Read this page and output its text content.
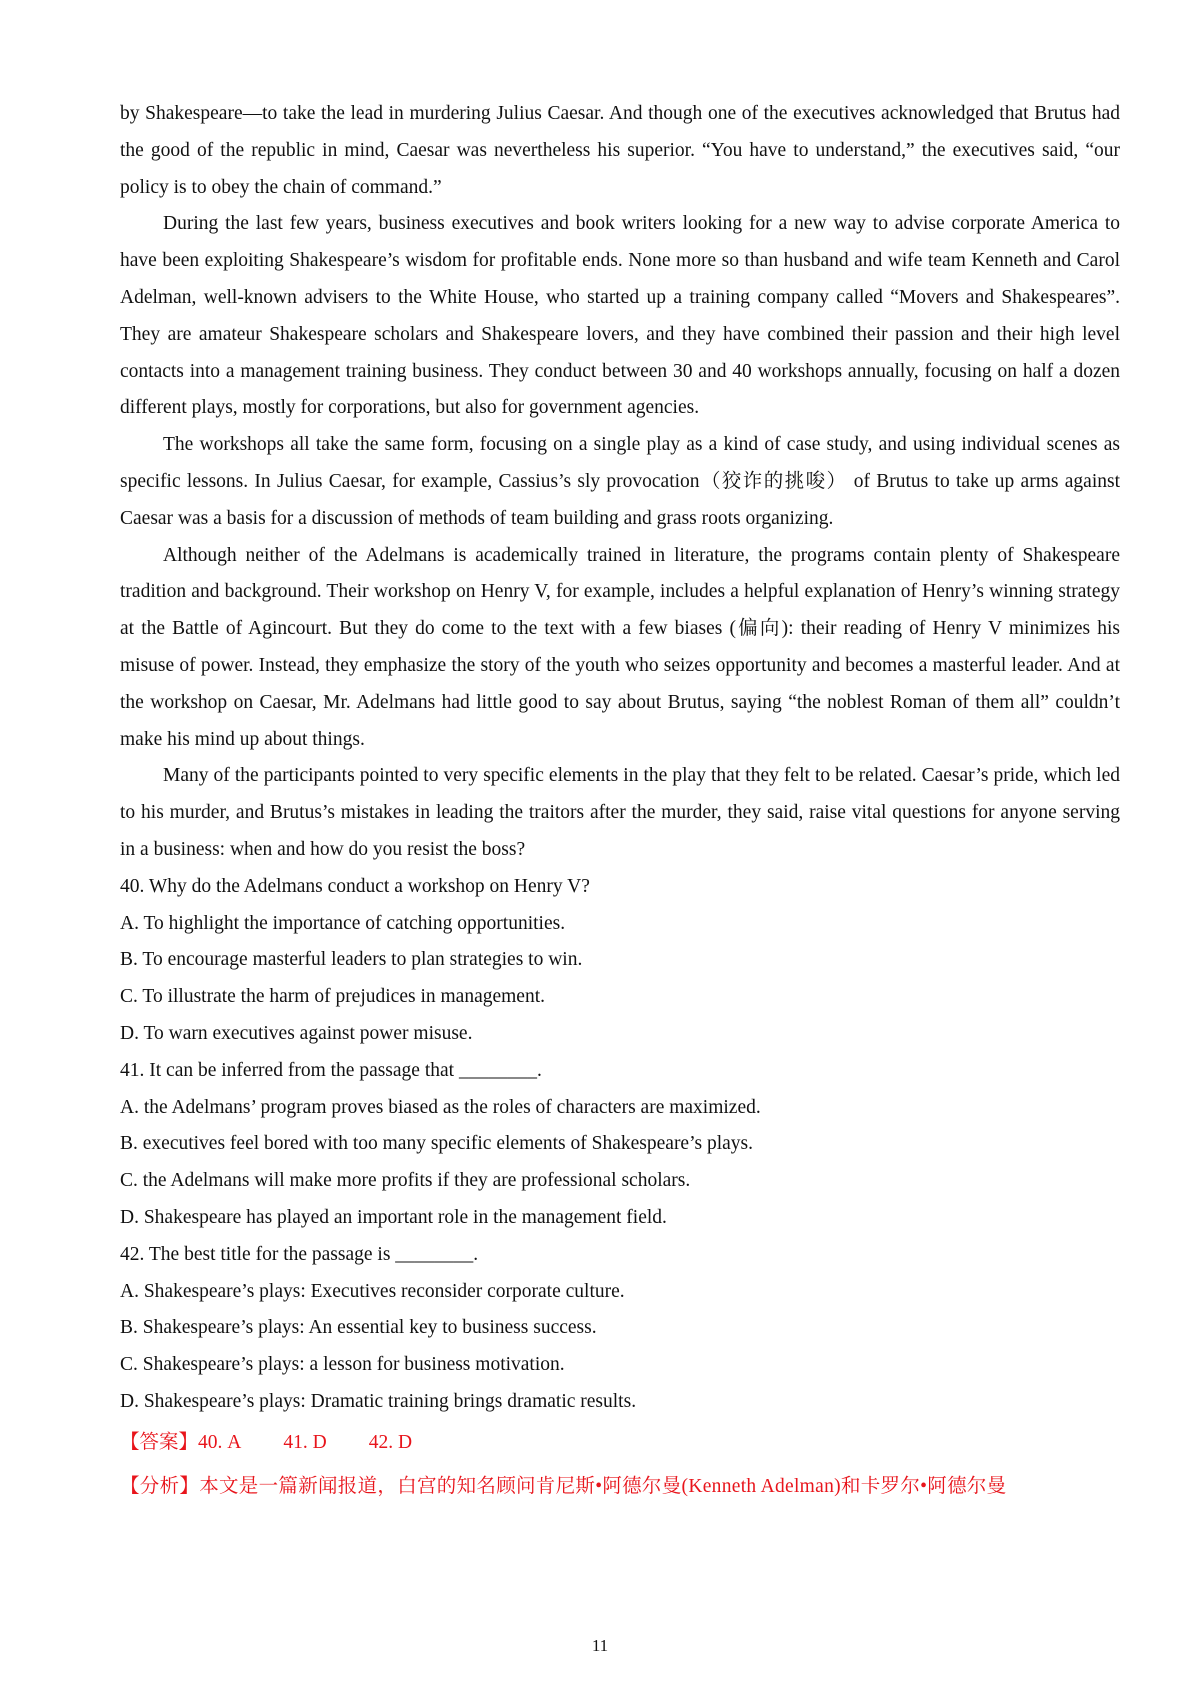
by Shakespeare—to take the lead in murdering Julius Caesar. And though one of the executives acknowledged that Brutus had the good of the republic in mind, Caesar was nevertheless his superior. “You have to understand,” the executives said, “our policy is to obey the chain of command.”

During the last few years, business executives and book writers looking for a new way to advise corporate America to have been exploiting Shakespeare’s wisdom for profitable ends. None more so than husband and wife team Kenneth and Carol Adelman, well-known advisers to the White House, who started up a training company called “Movers and Shakespeares”. They are amateur Shakespeare scholars and Shakespeare lovers, and they have combined their passion and their high level contacts into a management training business. They conduct between 30 and 40 workshops annually, focusing on half a dozen different plays, mostly for corporations, but also for government agencies.

The workshops all take the same form, focusing on a single play as a kind of case study, and using individual scenes as specific lessons. In Julius Caesar, for example, Cassius’s sly provocation（狡诈的挑唆） of Brutus to take up arms against Caesar was a basis for a discussion of methods of team building and grass roots organizing.

Although neither of the Adelmans is academically trained in literature, the programs contain plenty of Shakespeare tradition and background. Their workshop on Henry V, for example, includes a helpful explanation of Henry’s winning strategy at the Battle of Agincourt. But they do come to the text with a few biases (偏向): their reading of Henry V minimizes his misuse of power. Instead, they emphasize the story of the youth who seizes opportunity and becomes a masterful leader. And at the workshop on Caesar, Mr. Adelmans had little good to say about Brutus, saying “the noblest Roman of them all” couldn’t make his mind up about things.

Many of the participants pointed to very specific elements in the play that they felt to be related. Caesar’s pride, which led to his murder, and Brutus’s mistakes in leading the traitors after the murder, they said, raise vital questions for anyone serving in a business: when and how do you resist the boss?

40. Why do the Adelmans conduct a workshop on Henry V?

A. To highlight the importance of catching opportunities.

B. To encourage masterful leaders to plan strategies to win.

C. To illustrate the harm of prejudices in management.

D. To warn executives against power misuse.

41. It can be inferred from the passage that ________.

A. the Adelmans’ program proves biased as the roles of characters are maximized.

B. executives feel bored with too many specific elements of Shakespeare’s plays.

C. the Adelmans will make more profits if they are professional scholars.

D. Shakespeare has played an important role in the management field.

42. The best title for the passage is ________.

A. Shakespeare’s plays: Executives reconsider corporate culture.

B. Shakespeare’s plays: An essential key to business success.

C. Shakespeare’s plays: a lesson for business motivation.

D. Shakespeare’s plays: Dramatic training brings dramatic results.

【答案】40. A 41. D 42. D

【分析】本文是一篇新闻报道，白宫的知名顾问肯尼斯•阿德尔曼(Kenneth Adelman)和卡罗尔•阿德尔曼

11
